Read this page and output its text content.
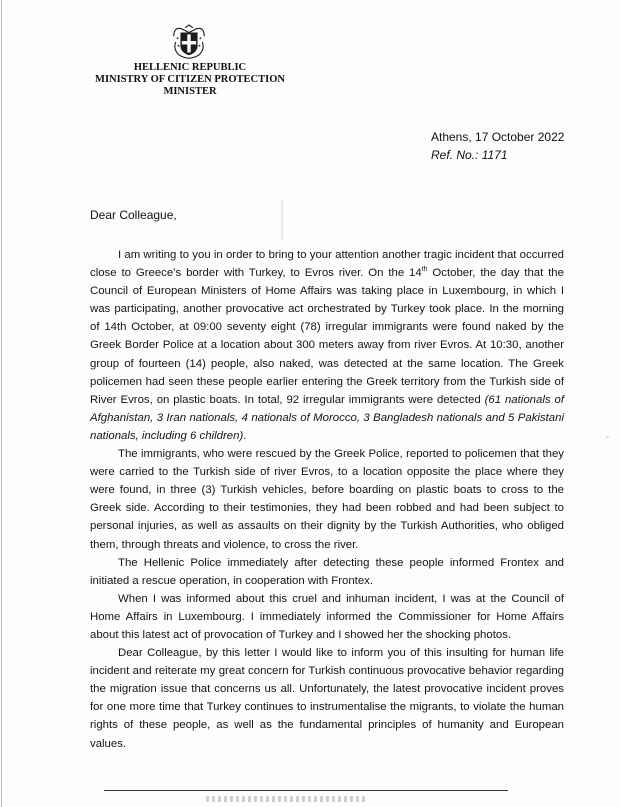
HELLENIC REPUBLIC
MINISTRY OF CITIZEN PROTECTION
MINISTER
Athens, 17 October 2022
Ref. No.: 1171
Dear Colleague,

I am writing to you in order to bring to your attention another tragic incident that occurred close to Greece’s border with Turkey, to Evros river. On the 14th October, the day that the Council of European Ministers of Home Affairs was taking place in Luxembourg, in which I was participating, another provocative act orchestrated by Turkey took place. In the morning of 14th October, at 09:00 seventy eight (78) irregular immigrants were found naked by the Greek Border Police at a location about 300 meters away from river Evros. At 10:30, another group of fourteen (14) people, also naked, was detected at the same location. The Greek policemen had seen these people earlier entering the Greek territory from the Turkish side of River Evros, on plastic boats. In total, 92 irregular immigrants were detected (61 nationals of Afghanistan, 3 Iran nationals, 4 nationals of Morocco, 3 Bangladesh nationals and 5 Pakistani nationals, including 6 children).

The immigrants, who were rescued by the Greek Police, reported to policemen that they were carried to the Turkish side of river Evros, to a location opposite the place where they were found, in three (3) Turkish vehicles, before boarding on plastic boats to cross to the Greek side. According to their testimonies, they had been robbed and had been subject to personal injuries, as well as assaults on their dignity by the Turkish Authorities, who obliged them, through threats and violence, to cross the river.

The Hellenic Police immediately after detecting these people informed Frontex and initiated a rescue operation, in cooperation with Frontex.

When I was informed about this cruel and inhuman incident, I was at the Council of Home Affairs in Luxembourg. I immediately informed the Commissioner for Home Affairs about this latest act of provocation of Turkey and I showed her the shocking photos.

Dear Colleague, by this letter I would like to inform you of this insulting for human life incident and reiterate my great concern for Turkish continuous provocative behavior regarding the migration issue that concerns us all. Unfortunately, the latest provocative incident proves for one more time that Turkey continues to instrumentalise the migrants, to violate the human rights of these people, as well as the fundamental principles of humanity and European values.
